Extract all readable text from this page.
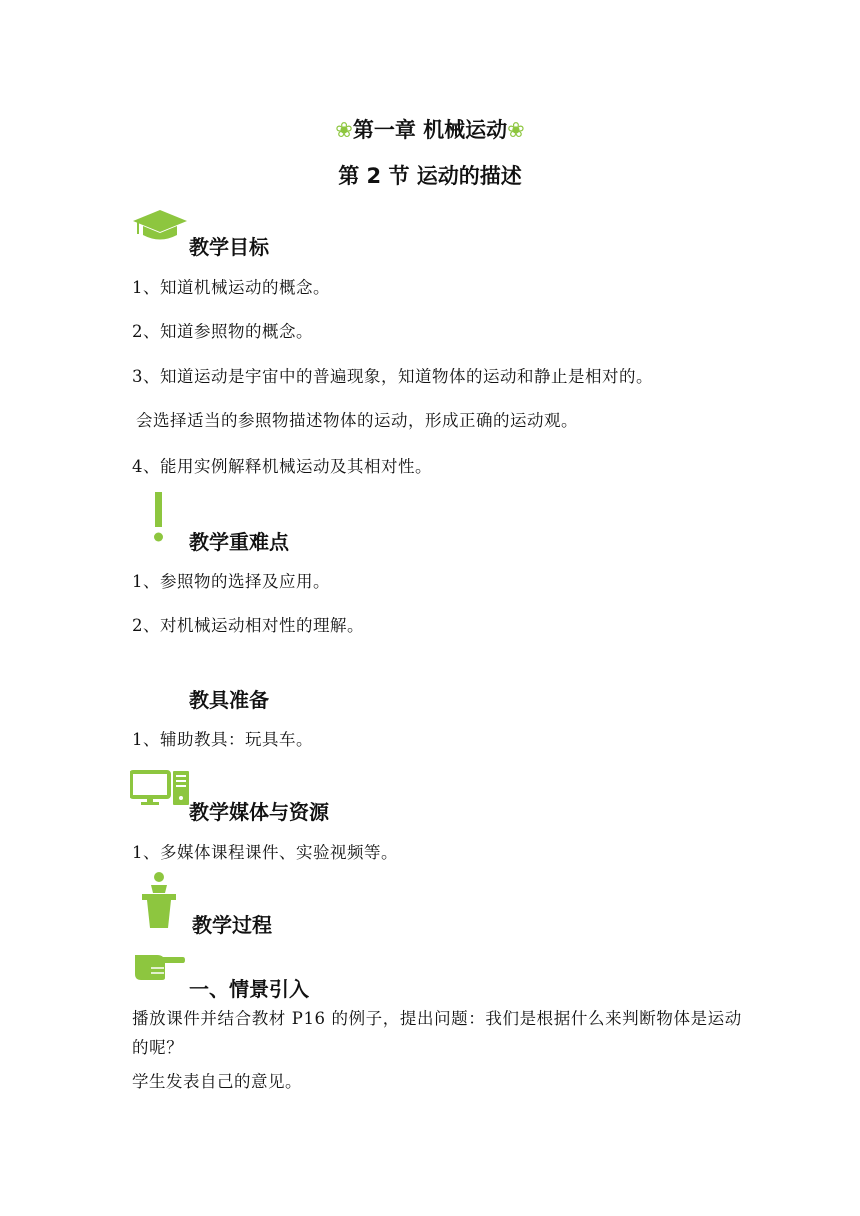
❀第一章 机械运动❀
第 2 节 运动的描述
教学目标
1、知道机械运动的概念。
2、知道参照物的概念。
3、知道运动是宇宙中的普遍现象，知道物体的运动和静止是相对的。
会选择适当的参照物描述物体的运动，形成正确的运动观。
4、能用实例解释机械运动及其相对性。
教学重难点
1、参照物的选择及应用。
2、对机械运动相对性的理解。
教具准备
1、辅助教具：玩具车。
教学媒体与资源
1、多媒体课程课件、实验视频等。
教学过程
一、情景引入
播放课件并结合教材 P16 的例子，提出问题：我们是根据什么来判断物体是运动的呢？
学生发表自己的意见。
